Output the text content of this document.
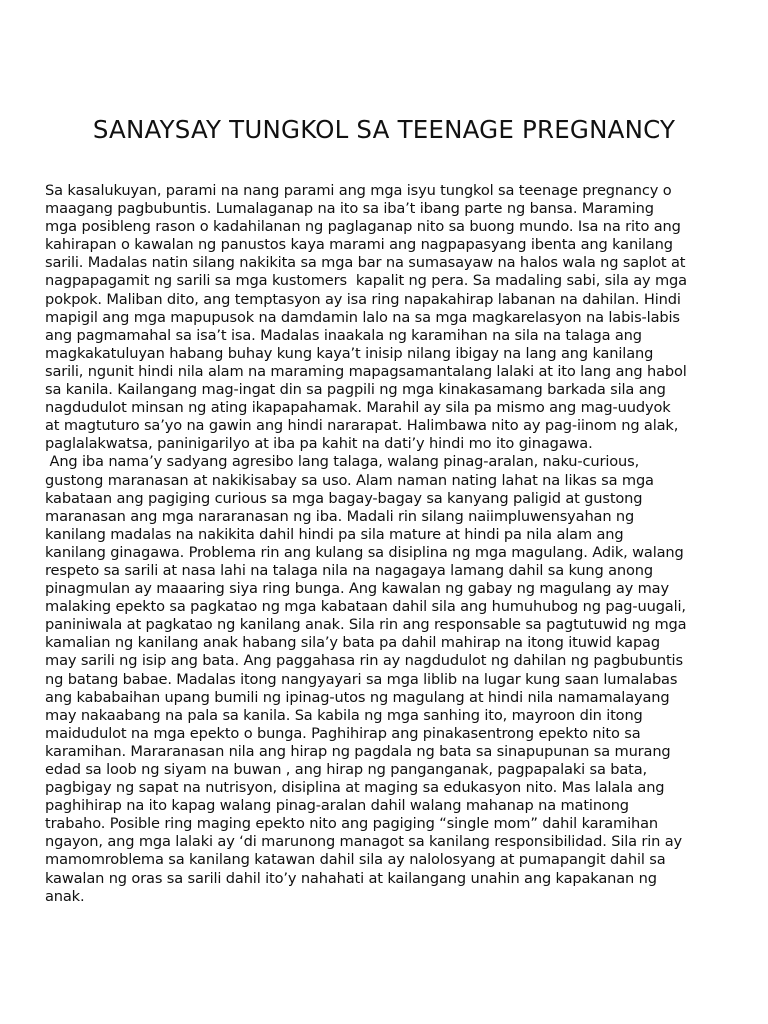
SANAYSAY TUNGKOL SA TEENAGE PREGNANCY
Sa kasalukuyan, parami na nang parami ang mga isyu tungkol sa teenage pregnancy o
maagang pagbubuntis. Lumalaganap na ito sa iba’t ibang parte ng bansa. Maraming
mga posibleng rason o kadahilanan ng paglaganap nito sa buong mundo. Isa na rito ang
kahirapan o kawalan ng panustos kaya marami ang nagpapasyang ibenta ang kanilang
sarili. Madalas natin silang nakikita sa mga bar na sumasayaw na halos wala ng saplot at
nagpapagamit ng sarili sa mga kustomers  kapalit ng pera. Sa madaling sabi, sila ay mga
pokpok. Maliban dito, ang temptasyon ay isa ring napakahirap labanan na dahilan. Hindi
mapigil ang mga mapupusok na damdamin lalo na sa mga magkarelasyon na labis-labis
ang pagmamahal sa isa’t isa. Madalas inaakala ng karamihan na sila na talaga ang
magkakatuluyan habang buhay kung kaya’t inisip nilang ibigay na lang ang kanilang
sarili, ngunit hindi nila alam na maraming mapagsamantalang lalaki at ito lang ang habol
sa kanila. Kailangang mag-ingat din sa pagpili ng mga kinakasamang barkada sila ang
nagdudulot minsan ng ating ikapapahamak. Marahil ay sila pa mismo ang mag-uudyok
at magtuturo sa’yo na gawin ang hindi nararapat. Halimbawa nito ay pag-iinom ng alak,
paglalakwatsa, paninigarilyo at iba pa kahit na dati’y hindi mo ito ginagawa.
Ang iba nama’y sadyang agresibo lang talaga, walang pinag-aralan, naku-curious,
gustong maranasan at nakikisabay sa uso. Alam naman nating lahat na likas sa mga
kabataan ang pagiging curious sa mga bagay-bagay sa kanyang paligid at gustong
maranasan ang mga nararanasan ng iba. Madali rin silang naiimpluwensyahan ng
kanilang madalas na nakikita dahil hindi pa sila mature at hindi pa nila alam ang
kanilang ginagawa. Problema rin ang kulang sa disiplina ng mga magulang. Adik, walang
respeto sa sarili at nasa lahi na talaga nila na nagagaya lamang dahil sa kung anong
pinagmulan ay maaaring siya ring bunga. Ang kawalan ng gabay ng magulang ay may
malaking epekto sa pagkatao ng mga kabataan dahil sila ang humuhubog ng pag-uugali,
paniniwala at pagkatao ng kanilang anak. Sila rin ang responsable sa pagtutuwid ng mga
kamalian ng kanilang anak habang sila’y bata pa dahil mahirap na itong ituwid kapag
may sarili ng isip ang bata. Ang paggahasa rin ay nagdudulot ng dahilan ng pagbubuntis
ng batang babae. Madalas itong nangyayari sa mga liblib na lugar kung saan lumalabas
ang kababaihan upang bumili ng ipinag-utos ng magulang at hindi nila namamalayang
may nakaabang na pala sa kanila. Sa kabila ng mga sanhing ito, mayroon din itong
maidudulot na mga epekto o bunga. Paghihirap ang pinakasentrong epekto nito sa
karamihan. Mararanasan nila ang hirap ng pagdala ng bata sa sinapupunan sa murang
edad sa loob ng siyam na buwan , ang hirap ng panganganak, pagpapalaki sa bata,
pagbigay ng sapat na nutrisyon, disiplina at maging sa edukasyon nito. Mas lalala ang
paghihirap na ito kapag walang pinag-aralan dahil walang mahanap na matinong
trabaho. Posible ring maging epekto nito ang pagiging “single mom” dahil karamihan
ngayon, ang mga lalaki ay ‘di marunong managot sa kanilang responsibilidad. Sila rin ay
mamomroblema sa kanilang katawan dahil sila ay nalolosyang at pumapangit dahil sa
kawalan ng oras sa sarili dahil ito’y nahahati at kailangang unahin ang kapakanan ng
anak.
